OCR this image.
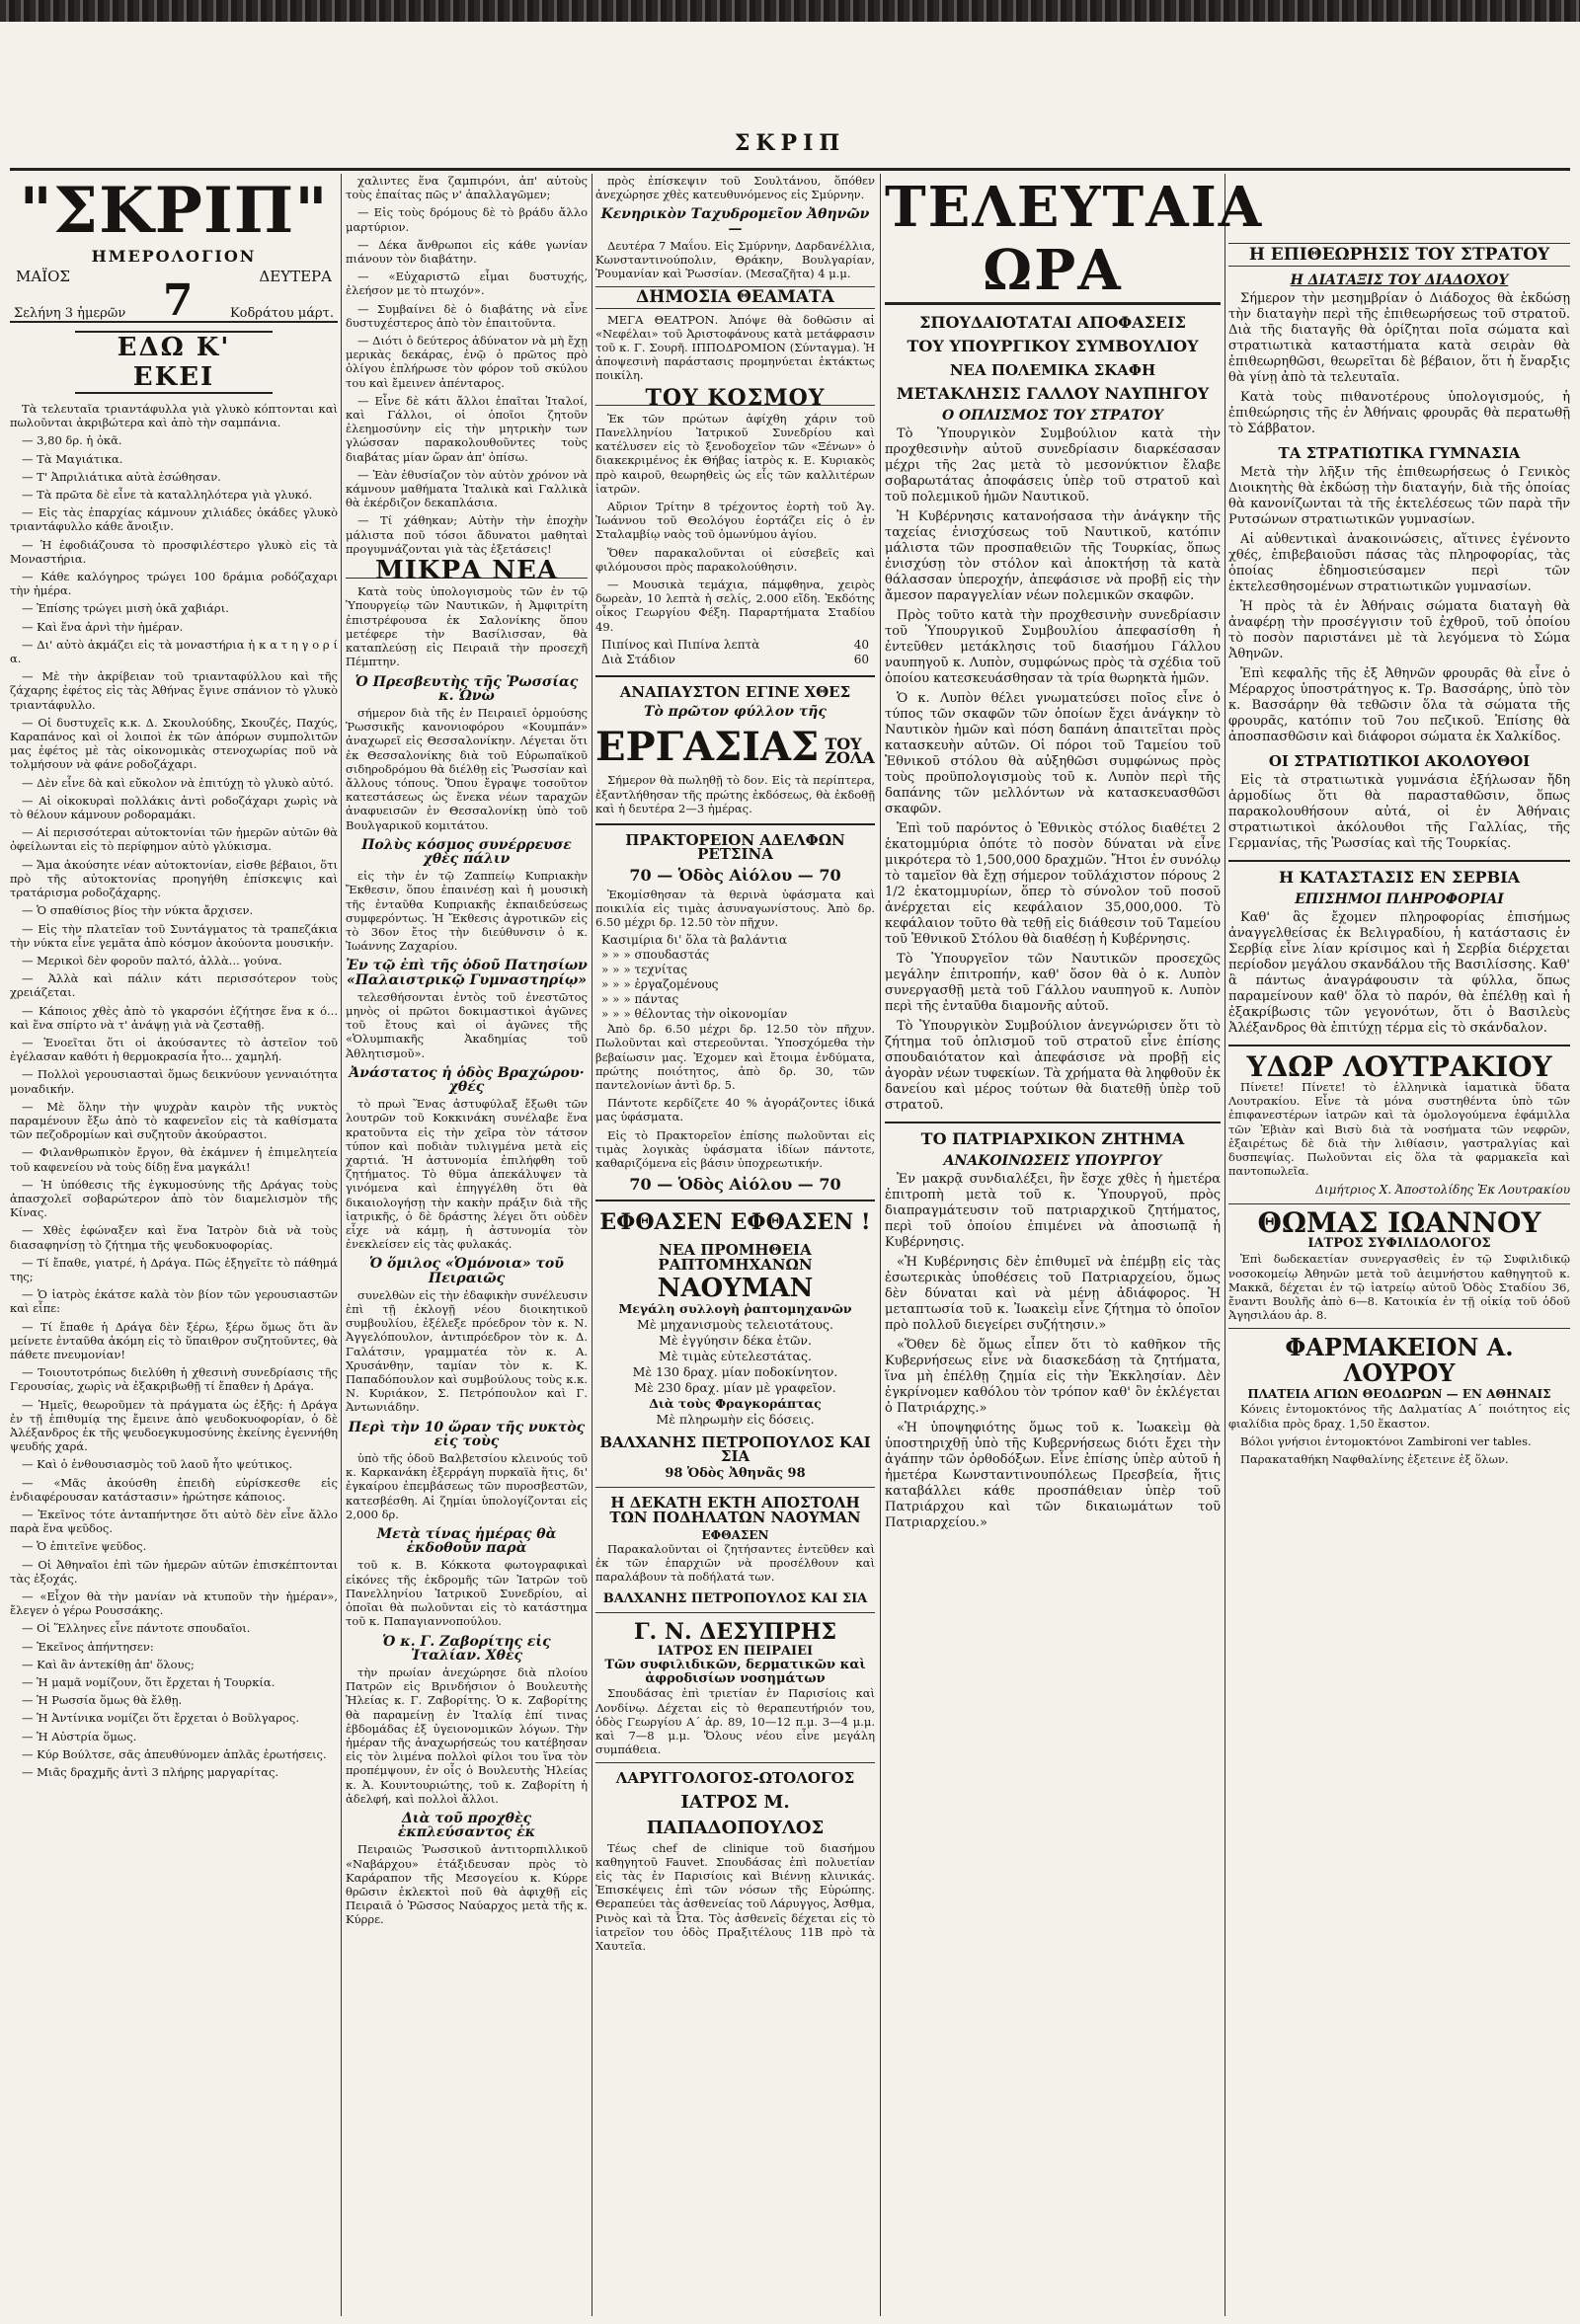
ΣΚΡΙΠ
"ΣΚΡΙΠ"
ΗΜΕΡΟΛΟΓΙΟΝ
ΜΑΪΟΣ	ΔΕΥΤΕΡΑ
Σελήνη 3 ἡμερῶν 7	Κοδράτου μάρτ.
ΕΔΩ Κ' ΕΚΕΙ

Τὰ τελευταῖα τριαντάφυλλα γιὰ γλυκὸ κόπτονται καὶ πωλοῦνται ἀκριβώτερα καὶ ἀπὸ τὴν σαμπάνια.

— 3,80 δρ. ἡ ὀκᾶ.

— Τὰ Μαγιάτικα.

— Τ' Ἀπριλιάτικα αὐτὰ ἐσώθησαν.

— Τὰ πρῶτα δὲ εἶνε τὰ καταλληλότερα γιὰ γλυκό.

— Εἰς τὰς ἐπαρχίας κάμνουν χιλιάδες ὀκάδες γλυκὸ τριαντάφυλλο κάθε ἄνοιξιν.

— Ἡ ἐφοδιάζουσα τὸ προσφιλέστερο γλυκὸ εἰς τὰ Μοναστήρια.

— Κάθε καλόγηρος τρώγει 100 δράμια ροδόζαχαρι τὴν ἡμέρα.

— Ἐπίσης τρώγει μισὴ ὀκᾶ χαβιάρι.

— Καὶ ἕνα ἀρνὶ τὴν ἡμέραν.

— Δι' αὐτὸ ἀκμάζει εἰς τὰ μοναστήρια ἡ κ α τ η γ ο ρ ί α.

— Μὲ τὴν ἀκρίβειαν τοῦ τριανταφύλλου καὶ τῆς ζάχαρης ἐφέτος εἰς τὰς Ἀθήνας ἔγινε σπάνιον τὸ γλυκὸ τριαντάφυλλο.

— Οἱ δυστυχεῖς κ.κ. Δ. Σκουλούδης, Σκουζές, Παχύς, Καραπάνος καὶ οἱ λοιποὶ ἐκ τῶν ἀπόρων συμπολιτῶν μας ἐφέτος μὲ τὰς οἰκονομικὰς στενοχωρίας ποῦ νὰ τολμήσουν νὰ φάνε ροδοζάχαρι.

— Δὲν εἶνε δὰ καὶ εὔκολον νὰ ἐπιτύχῃ τὸ γλυκὸ αὐτό.

— Αἱ οἰκοκυραὶ πολλάκις ἀντὶ ροδοζάχαρι χωρὶς νὰ τὸ θέλουν κάμνουν ροδοραμάκι.

— Αἱ περισσότεραι αὐτοκτονίαι τῶν ἡμερῶν αὐτῶν θὰ ὀφείλωνται εἰς τὸ περίφημον αὐτὸ γλύκισμα.

— Ἄμα ἀκούσητε νέαν αὐτοκτονίαν, εἰσθε βέβαιοι, ὅτι πρὸ τῆς αὐτοκτονίας προηγήθη ἐπίσκεψις καὶ τρατάρισμα ροδοζάχαρης.

— Ὁ σπαθίσιος βίος τὴν νύκτα ἄρχισεν.

— Εἰς τὴν πλατεῖαν τοῦ Συντάγματος τὰ τραπεζάκια τὴν νύκτα εἶνε γεμᾶτα ἀπὸ κόσμον ἀκούοντα μουσικήν.

— Μερικοὶ δὲν φοροῦν παλτό, ἀλλὰ... γούνα.

— Ἀλλὰ καὶ πάλιν κάτι περισσότερον τοὺς χρειάζεται.

— Κάποιος χθὲς ἀπὸ τὸ γκαρσόνι ἐζήτησε ἕνα κ ό... καὶ ἕνα σπίρτο νὰ τ' ἀνάψῃ γιὰ νὰ ζεσταθῇ.

— Ἐνοεῖται ὅτι οἱ ἀκούσαντες τὸ ἀστεῖον τοῦ ἐγέλασαν καθότι ἡ θερμοκρασία ἦτο... χαμηλή.

— Πολλοὶ γερουσιασταὶ ὅμως δεικνύουν γενναιότητα μοναδικήν.

— Μὲ ὅλην τὴν ψυχρὰν καιρὸν τῆς νυκτὸς παραμένουν ἔξω ἀπὸ τὸ καφενεῖον εἰς τὰ καθίσματα τῶν πεζοδρομίων καὶ συζητοῦν ἀκούραστοι.

— Φιλανθρωπικὸν ἔργον, θὰ ἐκάμνεν ἡ ἐπιμελητεία τοῦ καφενείου νὰ τοὺς δίδῃ ἕνα μαγκάλι!

— Ἡ ὑπόθεσις τῆς ἐγκυμοσύνης τῆς Δράγας τοὺς ἀπασχολεῖ σοβαρώτερον ἀπὸ τὸν διαμελισμὸν τῆς Κίνας.

— Χθὲς ἐφώναξεν καὶ ἕνα Ἰατρὸν διὰ νὰ τοὺς διασαφηνίσῃ τὸ ζήτημα τῆς ψευδοκυοφορίας.

— Τί ἔπαθε, γιατρέ, ἡ Δράγα. Πῶς ἐξηγεῖτε τὸ πάθημά της;

— Ὁ ἰατρὸς ἐκάτσε καλὰ τὸν βίον τῶν γερουσιαστῶν καὶ εἶπε:

— Τί ἔπαθε ἡ Δράγα δὲν ξέρω, ξέρω ὅμως ὅτι ἂν μείνετε ἐνταῦθα ἀκόμη εἰς τὸ ὕπαιθρον συζητοῦντες, θὰ πάθετε πνευμονίαν!

— Τοιουτοτρόπως διελύθη ἡ χθεσινὴ συνεδρίασις τῆς Γερουσίας, χωρὶς νὰ ἐξακριβωθῇ τί ἔπαθεν ἡ Δράγα.

— Ἡμεῖς, θεωροῦμεν τὰ πράγματα ὡς ἑξῆς: ἡ Δράγα ἐν τῇ ἐπιθυμίᾳ της ἔμεινε ἀπὸ ψευδοκυοφορίαν, ὁ δὲ Ἀλέξανδρος ἐκ τῆς ψευδοεγκυμοσύνης ἐκείνης ἐγεννήθη ψευδής χαρά.

— Καὶ ὁ ἐνθουσιασμὸς τοῦ λαοῦ ἦτο ψεύτικος.

— «Μᾶς ἀκούσθη ἐπειδὴ εὑρίσκεσθε εἰς ἐνδιαφέρουσαν κατάστασιν» ἠρώτησε κάποιος.

— Ἐκεῖνος τότε ἀνταπήντησε ὅτι αὐτὸ δὲν εἶνε ἄλλο παρὰ ἕνα ψεῦδος.

— Ὁ ἐπιτεῖνε ψεῦδος.

— Οἱ Ἀθηναῖοι ἐπὶ τῶν ἡμερῶν αὐτῶν ἐπισκέπτονται τὰς ἐξοχάς.

— «Εἶχον θὰ τὴν μανίαν νὰ κτυποῦν τὴν ἡμέραν», ἔλεγεν ὁ γέρω Ρουσσάκης.

— Οἱ Ἕλληνες εἶνε πάντοτε σπουδαῖοι.

— Ἐκεῖνος ἀπήντησεν:

— Καὶ ἂν ἀντεκίθῃ ἀπ' ὅλους;

— Ἡ μαμᾶ νομίζουν, ὅτι ἔρχεται ἡ Τουρκία.

— Ἡ Ρωσσία ὅμως θὰ ἔλθῃ.

— Ἡ Ἀντίνικα νομίζει ὅτι ἔρχεται ὁ Βοῦλγαρος.

— Ἡ Αὐστρία ὅμως.

— Κύρ Βούλτσε, σᾶς ἀπευθύνομεν ἀπλᾶς ἐρωτήσεις.

— Μιᾶς δραχμῆς ἀντὶ 3 πλήρης μαργαρίτας.

χαλιντες ἕνα ζαμπιρόνι, ἀπ' αὐτοὺς τοὺς ἐπαίτας πῶς ν' ἀπαλλαγῶμεν;

— Εἰς τοὺς δρόμους δὲ τὸ βράδυ ἄλλο μαρτύριον.

— Δέκα ἄνθρωποι εἰς κάθε γωνίαν πιάνουν τὸν διαβάτην.

— «Εὐχαριστῶ εἶμαι δυστυχής, ἐλεήσον με τὸ πτωχόν».

— Συμβαίνει δὲ ὁ διαβάτης νὰ εἶνε δυστυχέστερος ἀπὸ τὸν ἐπαιτοῦντα.

— Διότι ὁ δεύτερος ἀδύνατον νὰ μὴ ἔχῃ μερικὰς δεκάρας, ἐνῷ ὁ πρῶτος πρὸ ὀλίγου ἐπλήρωσε τὸν φόρον τοῦ σκύλου του καὶ ἔμεινεν ἀπένταρος.

— Εἶνε δὲ κάτι ἄλλοι ἐπαῖται Ἰταλοί, καὶ Γάλλοι, οἱ ὁποῖοι ζητοῦν ἐλεημοσύνην εἰς τὴν μητρικὴν των γλώσσαν παρακολουθοῦντες τοὺς διαβάτας μίαν ὥραν ἀπ' ὀπίσω.

— Ἐὰν ἐθυσίαζον τὸν αὐτὸν χρόνον νὰ κάμνουν μαθήματα Ἰταλικὰ καὶ Γαλλικὰ θὰ ἐκέρδιζον δεκαπλάσια.

— Τί χάθηκαν; Αὐτὴν τὴν ἐποχὴν μάλιστα ποῦ τόσοι ἄδυνατοι μαθηταὶ προγυμνάζονται γιὰ τὰς ἐξετάσεις!

ΜΙΚΡΑ ΝΕΑ

Κατὰ τοὺς ὑπολογισμοὺς τῶν ἐν τῷ Ὑπουργείῳ τῶν Ναυτικῶν, ἡ Ἀμφιτρίτη ἐπιστρέφουσα ἐκ Σαλονίκης ὅπου μετέφερε τὴν Βασίλισσαν, θὰ καταπλεύσῃ εἰς Πειραιᾶ τὴν προσεχῆ Πέμπτην.

Ὁ Πρεσβευτὴς τῆς Ῥωσσίας κ. Ὡνὼ

σήμερον διὰ τῆς ἐν Πειραιεῖ ὁρμούσης Ῥωσσικῆς κανονιοφόρου «Κουμπάν» ἀναχωρεῖ εἰς Θεσσαλονίκην. Λέγεται ὅτι ἐκ Θεσσαλονίκης διὰ τοῦ Εὐρωπαϊκοῦ σιδηροδρόμου θὰ διέλθῃ εἰς Ῥωσσίαν καὶ ἄλλους τόπους. Ὅπου ἔγραψε τοσοῦτον κατεστάσεως ὡς ἕνεκα νέων ταραχῶν ἀναφυεισῶν ἐν Θεσσαλονίκῃ ὑπὸ τοῦ Βουλγαρικοῦ κομιτάτου.

Πολὺς κόσμος συνέρρευσε χθὲς πάλιν

εἰς τὴν ἐν τῷ Ζαππείῳ Κυπριακὴν Ἔκθεσιν, ὅπου ἐπαινέσῃ καὶ ἡ μουσικὴ τῆς ἐνταῦθα Κυπριακῆς ἐκπαιδεύσεως συμφερόντως. Ἡ Ἔκθεσις ἀγροτικῶν εἰς τὸ 36ον ἔτος τὴν διεύθυνσιν ὁ κ. Ἰωάννης Ζαχαρίου.

Ἐν τῷ ἐπὶ τῆς ὁδοῦ Πατησίων «Παλαιστρικῷ Γυμναστηρίῳ»

τελεσθήσονται ἐντὸς τοῦ ἐνεστῶτος μηνὸς οἱ πρῶτοι δοκιμαστικοὶ ἀγῶνες τοῦ ἔτους καὶ οἱ ἀγῶνες τῆς «Ὁλυμπιακῆς Ἀκαδημίας τοῦ Ἀθλητισμοῦ».

Ἀνάστατος ἡ ὁδὸς Βραχώρου· χθές

τὸ πρωὶ Ἕνας ἀστυφύλαξ ἔξωθι τῶν λουτρῶν τοῦ Κοκκινάκη συνέλαβε ἕνα κρατοῦντα εἰς τὴν χεῖρα τὸν τάτσον τύπον καὶ ποδιὰν τυλιγμένα μετὰ εἰς χαρτιά. Ἡ ἀστυνομία ἐπιλήφθη τοῦ ζητήματος. Τὸ θῦμα ἀπεκάλυψεν τὰ γινόμενα καὶ ἐπηγγέλθη ὅτι θὰ δικαιολογήσῃ τὴν κακὴν πράξιν διὰ τῆς ἰατρικῆς, ὁ δὲ δράστης λέγει ὅτι οὐδὲν εἶχε νὰ κάμῃ, ἡ ἀστυνομία τὸν ἐνεκλείσεν εἰς τὰς φυλακάς.

Ὁ ὅμιλος «Ὁμόνοια» τοῦ Πειραιῶς

συνελθὼν εἰς τὴν ἐδαφικὴν συνέλευσιν ἐπὶ τῇ ἐκλογῇ νέου διοικητικοῦ συμβουλίου, ἐξέλεξε πρόεδρον τὸν κ. Ν. Ἀγγελόπουλον, ἀντιπρόεδρον τὸν κ. Δ. Γαλάτσιν, γραμματέα τὸν κ. Α. Χρυσάνθην, ταμίαν τὸν κ. Κ. Παπαδόπουλον καὶ συμβούλους τοὺς κ.κ. Ν. Κυριάκον, Σ. Πετρόπουλον καὶ Γ. Ἀντωνιάδην.

Περὶ τὴν 10 ὥραν τῆς νυκτὸς εἰς τοὺς

ὑπὸ τῆς ὁδοῦ Βαλβετσίου κλεινούς τοῦ κ. Καρκανάκη ἐξερράγη πυρκαϊὰ ἥτις, δι' ἐγκαίρου ἐπεμβάσεως τῶν πυροσβεστῶν, κατεσβέσθη. Αἱ ζημίαι ὑπολογίζονται εἰς 2,000 δρ.

Μετὰ τίνας ἡμέρας θὰ ἐκδοθοῦν παρὰ

τοῦ κ. Β. Κόκκοτα φωτογραφικαὶ εἰκόνες τῆς ἐκδρομῆς τῶν Ἰατρῶν τοῦ Πανελληνίου Ἰατρικοῦ Συνεδρίου, αἱ ὁποῖαι θὰ πωλοῦνται εἰς τὸ κατάστημα τοῦ κ. Παπαγιαννοπούλου.

Ὁ κ. Γ. Ζαβορίτης εἰς Ἰταλίαν. Χθὲς

τὴν πρωίαν ἀνεχώρησε διὰ πλοίου Πατρῶν εἰς Βρινδήσιον ὁ Βουλευτὴς Ἠλείας κ. Γ. Ζαβορίτης. Ὁ κ. Ζαβορίτης θὰ παραμείνῃ ἐν Ἰταλίᾳ ἐπί τινας ἑβδομάδας ἐξ ὑγειονομικῶν λόγων. Τὴν ἡμέραν τῆς ἀναχωρήσεώς του κατέβησαν εἰς τὸν λιμένα πολλοὶ φίλοι του ἵνα τὸν προπέμψουν, ἐν οἷς ὁ Βουλευτὴς Ἠλείας κ. Ἀ. Κουντουριώτης, τοῦ κ. Ζαβορίτη ἡ ἀδελφή, καὶ πολλοὶ ἄλλοι.

Διὰ τοῦ προχθὲς ἐκπλεύσαντος ἐκ

Πειραιῶς Ῥωσσικοῦ ἀντιτορπιλλικοῦ «Ναβάρχου» ἐτάξιδευσαν πρὸς τὸ Καράραπον τῆς Μεσογείου κ. Κύρρε θρῶσιν ἐκλεκτοὶ ποῦ θὰ ἀφιχθῇ εἰς Πειραιᾶ ὁ Ῥῶσσος Ναύαρχος μετὰ τῆς κ. Κύρρε.

πρὸς ἐπίσκεψιν τοῦ Σουλτάνου, ὅπόθεν ἀνεχώρησε χθὲς κατευθυνόμενος εἰς Σμύρνην.

Κενηρικὸν Ταχυδρομεῖον Ἀθηνῶν —

Δευτέρα 7 Μαΐου. Εἰς Σμύρνην, Δαρδανέλλια, Κωνσταντινούπολιν, Θράκην, Βουλγαρίαν, Ῥουμανίαν καὶ Ῥωσσίαν. (Μεσαζῆτα) 4 μ.μ.

ΔΗΜΟΣΙΑ ΘΕΑΜΑΤΑ

ΜΕΓΑ ΘΕΑΤΡΟΝ. Ἀπόψε θὰ δοθῶσιν αἱ «Νεφέλαι» τοῦ Ἀριστοφάνους κατὰ μετάφρασιν τοῦ κ. Γ. Σουρῆ. ΙΠΠΟΔΡΟΜΙΟΝ (Σύνταγμα). Ἡ ἀποψεσινὴ παράστασις προμηνύεται ἐκτάκτως ποικίλη.

ΤΟΥ ΚΟΣΜΟΥ

Ἐκ τῶν πρώτων ἀφίχθη χάριν τοῦ Πανελληνίου Ἰατρικοῦ Συνεδρίου καὶ κατέλυσεν εἰς τὸ ξενοδοχεῖον τῶν «Ξένων» ὁ διακεκριμένος ἐκ Θήβας ἰατρὸς κ. Ε. Κυριακὸς πρὸ καιροῦ, θεωρηθεὶς ὡς εἷς τῶν καλλιτέρων ἰατρῶν.

Αὔριον Τρίτην 8 τρέχοντος ἑορτὴ τοῦ Ἁγ. Ἰωάννου τοῦ Θεολόγου ἑορτάζει εἰς ὁ ἐν Σταλαμβίῳ ναὸς τοῦ ὁμωνύμου ἁγίου.

Ὅθεν παρακαλοῦνται οἱ εὐσεβεῖς καὶ φιλόμουσοι πρὸς παρακολούθησιν.

— Μουσικὰ τεμάχια, πάμφθηνα, χειρὸς δωρεὰν, 10 λεπτὰ ἡ σελίς, 2.000 εἴδη. Ἐκδότης οἶκος Γεωργίου Φέξη. Παραρτήματα Σταδίου 49.

Πιπίνος καὶ Πιπίνα λεπτὰ	40
Διὰ Στάδιον	60
ΑΝΑΠΑΥΣΤΟΝ ΕΓΙΝΕ ΧΘΕΣ
Τὸ πρῶτον φύλλον τῆς
ΕΡΓΑΣΙΑΣ ΤΟΥ ΖΟΛΑ

Σήμερον θὰ πωληθῇ τὸ δον. Εἰς τὰ περίπτερα, ἐξαντλήθησαν τῆς πρώτης ἐκδόσεως, θὰ ἐκδοθῇ καὶ ἡ δευτέρα 2—3 ἡμέρας.

ΠΡΑΚΤΟΡΕΙΟΝ ΑΔΕΛΦΩΝ ΡΕΤΣΙΝΑ
70 — Ὁδὸς Αἰόλου — 70

Ἐκομίσθησαν τὰ θερινὰ ὑφάσματα καὶ ποικιλία εἰς τιμὰς ἀσυναγωνίστους. Ἀπὸ δρ. 6.50 μέχρι δρ. 12.50 τὸν πῆχυν.

Κασιμίρια δι' ὅλα τὰ βαλάντια
» » » σπουδαστάς
» » » τεχνίτας
» » » ἐργαζομένους
» » » πάντας
» » » θέλοντας τὴν οἰκονομίαν

Ἀπὸ δρ. 6.50 μέχρι δρ. 12.50 τὸν πῆχυν. Πωλοῦνται καὶ στερεοῦνται. Ὑποσχόμεθα τὴν βεβαίωσιν μας. Ἐχομεν καὶ ἔτοιμα ἐνδύματα, πρώτης ποιότητος, ἀπὸ δρ. 30, τῶν παντελονίων ἀντὶ δρ. 5.

Πάντοτε κερδίζετε 40 % ἀγοράζοντες ἰδικά μας ὑφάσματα.

Εἰς τὸ Πρακτορεῖον ἐπίσης πωλοῦνται εἰς τιμὰς λογικὰς ὑφάσματα ἰδίων πάντοτε, καθαριζόμενα εἰς βάσιν ὑποχρεωτικήν.

70 — Ὁδὸς Αἰόλου — 70
ΕΦΘΑΣΕΝ ΕΦΘΑΣΕΝ !
ΝΕΑ ΠΡΟΜΗΘΕΙΑ ΡΑΠΤΟΜΗΧΑΝΩΝ
ΝΑΟΥΜΑΝ
Μεγάλη συλλογὴ ῥαπτομηχανῶν
Μὲ μηχανισμοὺς τελειοτάτους.
Μὲ ἐγγύησιν δέκα ἐτῶν.
Μὲ τιμὰς εὐτελεστάτας.
Μὲ 130 δραχ. μίαν ποδοκίνητον.
Μὲ 230 δραχ. μίαν μὲ γραφεῖον.
Διὰ τοὺς Φραγκοράπτας
Μὲ πληρωμὴν εἰς δόσεις.
ΒΑΛΧΑΝΗΣ ΠΕΤΡΟΠΟΥΛΟΣ ΚΑΙ ΣΙΑ
98 Ὁδὸς Ἀθηνᾶς 98
Η ΔΕΚΑΤΗ ΕΚΤΗ ΑΠΟΣΤΟΛΗ ΤΩΝ ΠΟΔΗΛΑΤΩΝ ΝΑΟΥΜΑΝ
ΕΦΘΑΣΕΝ

Παρακαλοῦνται οἱ ζητήσαντες ἐντεῦθεν καὶ ἐκ τῶν ἐπαρχιῶν νὰ προσέλθουν καὶ παραλάβουν τὰ ποδήλατά των.

ΒΑΛΧΑΝΗΣ ΠΕΤΡΟΠΟΥΛΟΣ ΚΑΙ ΣΙΑ
Γ. Ν. ΔΕΣΥΠΡΗΣ
ΙΑΤΡΟΣ ΕΝ ΠΕΙΡΑΙΕΙ
Τῶν συφιλιδικῶν, δερματικῶν καὶ ἀφροδισίων νοσημάτων

Σπουδάσας ἐπὶ τριετίαν ἐν Παρισίοις καὶ Λονδίνῳ. Δέχεται εἰς τὸ θεραπευτήριόν του, ὁδὸς Γεωργίου Α΄ ἀρ. 89, 10—12 π.μ. 3—4 μ.μ. καὶ 7—8 μ.μ. Ὅλους νέου εἶνε μεγάλη συμπάθεια.

ΛΑΡΥΓΓΟΛΟΓΟΣ-ΩΤΟΛΟΓΟΣ
ΙΑΤΡΟΣ Μ. ΠΑΠΑΔΟΠΟΥΛΟΣ

Τέως chef de clinique τοῦ διασήμου καθηγητοῦ Fauvet. Σπουδάσας ἐπὶ πολυετίαν εἰς τὰς ἐν Παρισίοις καὶ Βιέννῃ κλινικάς. Ἐπισκέψεις ἐπὶ τῶν νόσων τῆς Εὐρώπης. Θεραπεύει τὰς ἀσθενείας τοῦ Λάρυγγος, Ἀσθμα, Ρινὸς καὶ τὰ Ὦτα. Τὸς ἀσθενεῖς δέχεται εἰς τὸ ἰατρεῖον του ὁδὸς Πραξιτέλους 11Β πρὸ τὰ Χαυτεῖα.

ΤΕΛΕΥΤΑΙΑ ΩΡΑ
ΣΠΟΥΔΑΙΟΤΑΤΑΙ ΑΠΟΦΑΣΕΙΣ
ΤΟΥ ΥΠΟΥΡΓΙΚΟΥ ΣΥΜΒΟΥΛΙΟΥ
ΝΕΑ ΠΟΛΕΜΙΚΑ ΣΚΑΦΗ
ΜΕΤΑΚΛΗΣΙΣ ΓΑΛΛΟΥ ΝΑΥΠΗΓΟΥ
Ο ΟΠΛΙΣΜΟΣ ΤΟΥ ΣΤΡΑΤΟΥ

Τὸ Ὑπουργικὸν Συμβούλιον κατὰ τὴν προχθεσινὴν αὐτοῦ συνεδρίασιν διαρκέσασαν μέχρι τῆς 2ας μετὰ τὸ μεσονύκτιον ἔλαβε σοβαρωτάτας ἀποφάσεις ὑπὲρ τοῦ στρατοῦ καὶ τοῦ πολεμικοῦ ἡμῶν Ναυτικοῦ.

Ἡ Κυβέρνησις κατανοήσασα τὴν ἀνάγκην τῆς ταχείας ἐνισχύσεως τοῦ Ναυτικοῦ, κατόπιν μάλιστα τῶν προσπαθειῶν τῆς Τουρκίας, ὅπως ἐνισχύσῃ τὸν στόλον καὶ ἀποκτήσῃ τὰ κατὰ θάλασσαν ὑπεροχήν, ἀπεφάσισε νὰ προβῇ εἰς τὴν ἄμεσον παραγγελίαν νέων πολεμικῶν σκαφῶν.

Πρὸς τοῦτο κατὰ τὴν προχθεσινὴν συνεδρίασιν τοῦ Ὑπουργικοῦ Συμβουλίου ἀπεφασίσθη ἡ ἐντεῦθεν μετάκλησις τοῦ διασήμου Γάλλου ναυπηγοῦ κ. Λυπὸν, συμφώνως πρὸς τὰ σχέδια τοῦ ὁποίου κατεσκευάσθησαν τὰ τρία θωρηκτὰ ἡμῶν.

Ὁ κ. Λυπὸν θέλει γνωματεύσει ποῖος εἶνε ὁ τύπος τῶν σκαφῶν τῶν ὁποίων ἔχει ἀνάγκην τὸ Ναυτικὸν ἡμῶν καὶ πόση δαπάνη ἀπαιτεῖται πρὸς κατασκευὴν αὐτῶν. Οἱ πόροι τοῦ Ταμείου τοῦ Ἐθνικοῦ στόλου θὰ αὐξηθῶσι συμφώνως πρὸς τοὺς προϋπολογισμοὺς τοῦ κ. Λυπὸν περὶ τῆς δαπάνης τῶν μελλόντων νὰ κατασκευασθῶσι σκαφῶν.

Ἐπὶ τοῦ παρόντος ὁ Ἐθνικὸς στόλος διαθέτει 2 ἑκατομμύρια ὁπότε τὸ ποσὸν δύναται νὰ εἶνε μικρότερα τὸ 1,500,000 δραχμῶν. Ἤτοι ἐν συνόλῳ τὸ ταμεῖον θὰ ἔχῃ σήμερον τοῦλάχιστον πόρους 2 1/2 ἑκατομμυρίων, ὅπερ τὸ σύνολον τοῦ ποσοῦ ἀνέρχεται εἰς κεφάλαιον 35,000,000. Τὸ κεφάλαιον τοῦτο θὰ τεθῇ εἰς διάθεσιν τοῦ Ταμείου τοῦ Ἐθνικοῦ Στόλου θὰ διαθέσῃ ἡ Κυβέρνησις.

Τὸ Ὑπουργεῖον τῶν Ναυτικῶν προσεχῶς μεγάλην ἐπιτροπήν, καθ' ὅσον θὰ ὁ κ. Λυπὸν συνεργασθῇ μετὰ τοῦ Γάλλου ναυπηγοῦ κ. Λυπὸν περὶ τῆς ἐνταῦθα διαμονῆς αὐτοῦ.

Τὸ Ὑπουργικὸν Συμβούλιον ἀνεγνώρισεν ὅτι τὸ ζήτημα τοῦ ὁπλισμοῦ τοῦ στρατοῦ εἶνε ἐπίσης σπουδαιότατον καὶ ἀπεφάσισε νὰ προβῇ εἰς ἀγορὰν νέων τυφεκίων. Τὰ χρήματα θὰ ληφθοῦν ἐκ δανείου καὶ μέρος τούτων θὰ διατεθῇ ὑπὲρ τοῦ στρατοῦ.

ΤΟ ΠΑΤΡΙΑΡΧΙΚΟΝ ΖΗΤΗΜΑ
ΑΝΑΚΟΙΝΩΣΕΙΣ ΥΠΟΥΡΓΟΥ

Ἐν μακρᾷ συνδιαλέξει, ἣν ἔσχε χθὲς ἡ ἡμετέρα ἐπιτροπὴ μετὰ τοῦ κ. Ὑπουργοῦ, πρὸς διαπραγμάτευσιν τοῦ πατριαρχικοῦ ζητήματος, περὶ τοῦ ὁποίου ἐπιμένει νὰ ἀποσιωπᾷ ἡ Κυβέρνησις.

«Ἡ Κυβέρνησις δὲν ἐπιθυμεῖ νὰ ἐπέμβῃ εἰς τὰς ἐσωτερικὰς ὑποθέσεις τοῦ Πατριαρχείου, ὅμως δὲν δύναται καὶ νὰ μένῃ ἀδιάφορος. Ἡ μεταπτωσία τοῦ κ. Ἰωακεὶμ εἶνε ζήτημα τὸ ὁποῖον πρὸ πολλοῦ διεγείρει συζήτησιν.»

«Ὅθεν δὲ ὅμως εἶπεν ὅτι τὸ καθῆκον τῆς Κυβερνήσεως εἶνε νὰ διασκεδάσῃ τὰ ζητήματα, ἵνα μὴ ἐπέλθῃ ζημία εἰς τὴν Ἐκκλησίαν. Δὲν ἐγκρίνομεν καθόλου τὸν τρόπον καθ' ὃν ἐκλέγεται ὁ Πατριάρχης.»

«Ἡ ὑποψηφιότης ὅμως τοῦ κ. Ἰωακεὶμ θὰ ὑποστηριχθῇ ὑπὸ τῆς Κυβερνήσεως διότι ἔχει τὴν ἀγάπην τῶν ὀρθοδόξων. Εἶνε ἐπίσης ὑπὲρ αὐτοῦ ἡ ἡμετέρα Κωνσταντινουπόλεως Πρεσβεία, ἥτις καταβάλλει κάθε προσπάθειαν ὑπὲρ τοῦ Πατριάρχου καὶ τῶν δικαιωμάτων τοῦ Πατριαρχείου.»

Η ΕΠΙΘΕΩΡΗΣΙΣ ΤΟΥ ΣΤΡΑΤΟΥ
Η ΔΙΑΤΑΞΙΣ ΤΟΥ ΔΙΑΔΟΧΟΥ

Σήμερον τὴν μεσημβρίαν ὁ Διάδοχος θὰ ἐκδώσῃ τὴν διαταγὴν περὶ τῆς ἐπιθεωρήσεως τοῦ στρατοῦ. Διὰ τῆς διαταγῆς θὰ ὁρίζηται ποῖα σώματα καὶ στρατιωτικὰ καταστήματα κατὰ σειρὰν θὰ ἐπιθεωρηθῶσι, θεωρεῖται δὲ βέβαιον, ὅτι ἡ ἔναρξις θὰ γίνῃ ἀπὸ τὰ τελευταῖα.

Κατὰ τοὺς πιθανοτέρους ὑπολογισμούς, ἡ ἐπιθεώρησις τῆς ἐν Ἀθήναις φρουρᾶς θὰ περατωθῇ τὸ Σάββατον.

ΤΑ ΣΤΡΑΤΙΩΤΙΚΑ ΓΥΜΝΑΣΙΑ

Μετὰ τὴν λῆξιν τῆς ἐπιθεωρήσεως ὁ Γενικὸς Διοικητὴς θὰ ἐκδώσῃ τὴν διαταγήν, διὰ τῆς ὁποίας θὰ κανονίζωνται τὰ τῆς ἐκτελέσεως τῶν παρὰ τῆν Ρυτσώνων στρατιωτικῶν γυμνασίων.

Αἱ αὐθεντικαὶ ἀνακοινώσεις, αἵτινες ἐγένοντο χθές, ἐπιβεβαιοῦσι πάσας τὰς πληροφορίας, τὰς ὁποίας ἐδημοσιεύσαμεν περὶ τῶν ἐκτελεσθησομένων στρατιωτικῶν γυμνασίων.

Ἡ πρὸς τὰ ἐν Ἀθήναις σώματα διαταγὴ θὰ ἀναφέρῃ τὴν προσέγγισιν τοῦ ἐχθροῦ, τοῦ ὁποίου τὸ ποσὸν παριστάνει μὲ τὰ λεγόμενα τὸ Σώμα Ἀθηνῶν.

Ἐπὶ κεφαλῆς τῆς ἐξ Ἀθηνῶν φρουρᾶς θὰ εἶνε ὁ Μέραρχος ὑποστράτηγος κ. Τρ. Βασσάρης, ὑπὸ τὸν κ. Βασσάρην θὰ τεθῶσιν ὅλα τὰ σώματα τῆς φρουρᾶς, κατόπιν τοῦ 7ου πεζικοῦ. Ἐπίσης θὰ ἀποσπασθῶσιν καὶ διάφοροι σώματα ἐκ Χαλκίδος.

ΟΙ ΣΤΡΑΤΙΩΤΙΚΟΙ ΑΚΟΛΟΥΘΟΙ

Εἰς τὰ στρατιωτικὰ γυμνάσια ἐξήλωσαν ἤδη ἁρμοδίως ὅτι θὰ παρασταθῶσιν, ὅπως παρακολουθήσουν αὐτά, οἱ ἐν Ἀθήναις στρατιωτικοὶ ἀκόλουθοι τῆς Γαλλίας, τῆς Γερμανίας, τῆς Ῥωσσίας καὶ τῆς Τουρκίας.

Η ΚΑΤΑΣΤΑΣΙΣ ΕΝ ΣΕΡΒΙΑ
ΕΠΙΣΗΜΟΙ ΠΛΗΡΟΦΟΡΙΑΙ

Καθ' ἃς ἔχομεν πληροφορίας ἐπισήμως ἀναγγελθείσας ἐκ Βελιγραδίου, ἡ κατάστασις ἐν Σερβίᾳ εἶνε λίαν κρίσιμος καὶ ἡ Σερβία διέρχεται περίοδον μεγάλου σκανδάλου τῆς Βασιλίσσης. Καθ' ἃ πάντως ἀναγράφουσιν τὰ φύλλα, ὅπως παραμείνουν καθ' ὅλα τὸ παρόν, θὰ ἐπέλθῃ καὶ ἡ ἐξακρίβωσις τῶν γεγονότων, ὅτι ὁ Βασιλεὺς Ἀλέξανδρος θὰ ἐπιτύχῃ τέρμα εἰς τὸ σκάνδαλον.

ΥΔΩΡ ΛΟΥΤΡΑΚΙΟΥ

Πίνετε! Πίνετε! τὸ ἑλληνικὰ ἰαματικὰ ὕδατα Λουτρακίου. Εἶνε τὰ μόνα συστηθέντα ὑπὸ τῶν ἐπιφανεστέρων ἰατρῶν καὶ τὰ ὁμολογούμενα ἐφάμιλλα τῶν Ἐβιὰν καὶ Βισὺ διὰ τὰ νοσήματα τῶν νεφρῶν, ἐξαιρέτως δὲ διὰ τὴν λιθίασιν, γαστραλγίας καὶ δυσπεψίας. Πωλοῦνται εἰς ὅλα τὰ φαρμακεῖα καὶ παντοπωλεῖα.

Διμήτριος Χ. Ἀποστολίδης Ἐκ Λουτρακίου
ΘΩΜΑΣ ΙΩΑΝΝΟΥ
ΙΑΤΡΟΣ ΣΥΦΙΛΙΔΟΛΟΓΟΣ

Ἐπὶ δωδεκαετίαν συνεργασθεὶς ἐν τῷ Συφιλιδικῷ νοσοκομείῳ Ἀθηνῶν μετὰ τοῦ ἀειμνήστου καθηγητοῦ κ. Μακκᾶ, δέχεται ἐν τῷ ἰατρείῳ αὐτοῦ Ὁδὸς Σταδίου 36, ἔναντι Βουλῆς ἀπὸ 6—8. Κατοικία ἐν τῇ οἰκίᾳ τοῦ ὁδοῦ Ἀγησιλάου ἀρ. 8.

ΦΑΡΜΑΚΕΙΟΝ Α. ΛΟΥΡΟΥ
ΠΛΑΤΕΙΑ ΑΓΙΩΝ ΘΕΟΔΩΡΩΝ — ΕΝ ΑΘΗΝΑΙΣ

Κόνεις ἐντομοκτόνος τῆς Δαλματίας Α΄ ποιότητος εἰς φιαλίδια πρὸς δραχ. 1,50 ἕκαστον.

Βόλοι γνήσιοι ἐντομοκτόνοι Zambironi ver tables.

Παρακαταθήκη Ναφθαλίνης ἐξετεινε ἐξ ὅλων.
